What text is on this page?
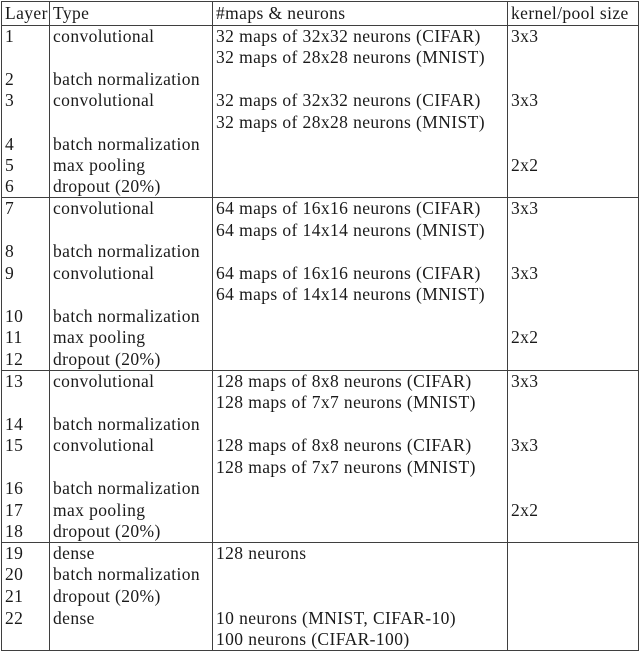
Layer	Type	#maps & neurons	kernel/pool size
1	convolutional	32 maps of 32x32 neurons (CIFAR)	3x3
		32 maps of 28x28 neurons (MNIST)	
2	batch normalization		
3	convolutional	32 maps of 32x32 neurons (CIFAR)	3x3
		32 maps of 28x28 neurons (MNIST)	
4	batch normalization		
5	max pooling		2x2
6	dropout (20%)		
7	convolutional	64 maps of 16x16 neurons (CIFAR)	3x3
		64 maps of 14x14 neurons (MNIST)	
8	batch normalization		
9	convolutional	64 maps of 16x16 neurons (CIFAR)	3x3
		64 maps of 14x14 neurons (MNIST)	
10	batch normalization		
11	max pooling		2x2
12	dropout (20%)		
13	convolutional	128 maps of 8x8 neurons (CIFAR)	3x3
		128 maps of 7x7 neurons (MNIST)	
14	batch normalization		
15	convolutional	128 maps of 8x8 neurons (CIFAR)	3x3
		128 maps of 7x7 neurons (MNIST)	
16	batch normalization		
17	max pooling		2x2
18	dropout (20%)		
19	dense	128 neurons	
20	batch normalization		
21	dropout (20%)		
22	dense	10 neurons (MNIST, CIFAR-10)	
		100 neurons (CIFAR-100)	
